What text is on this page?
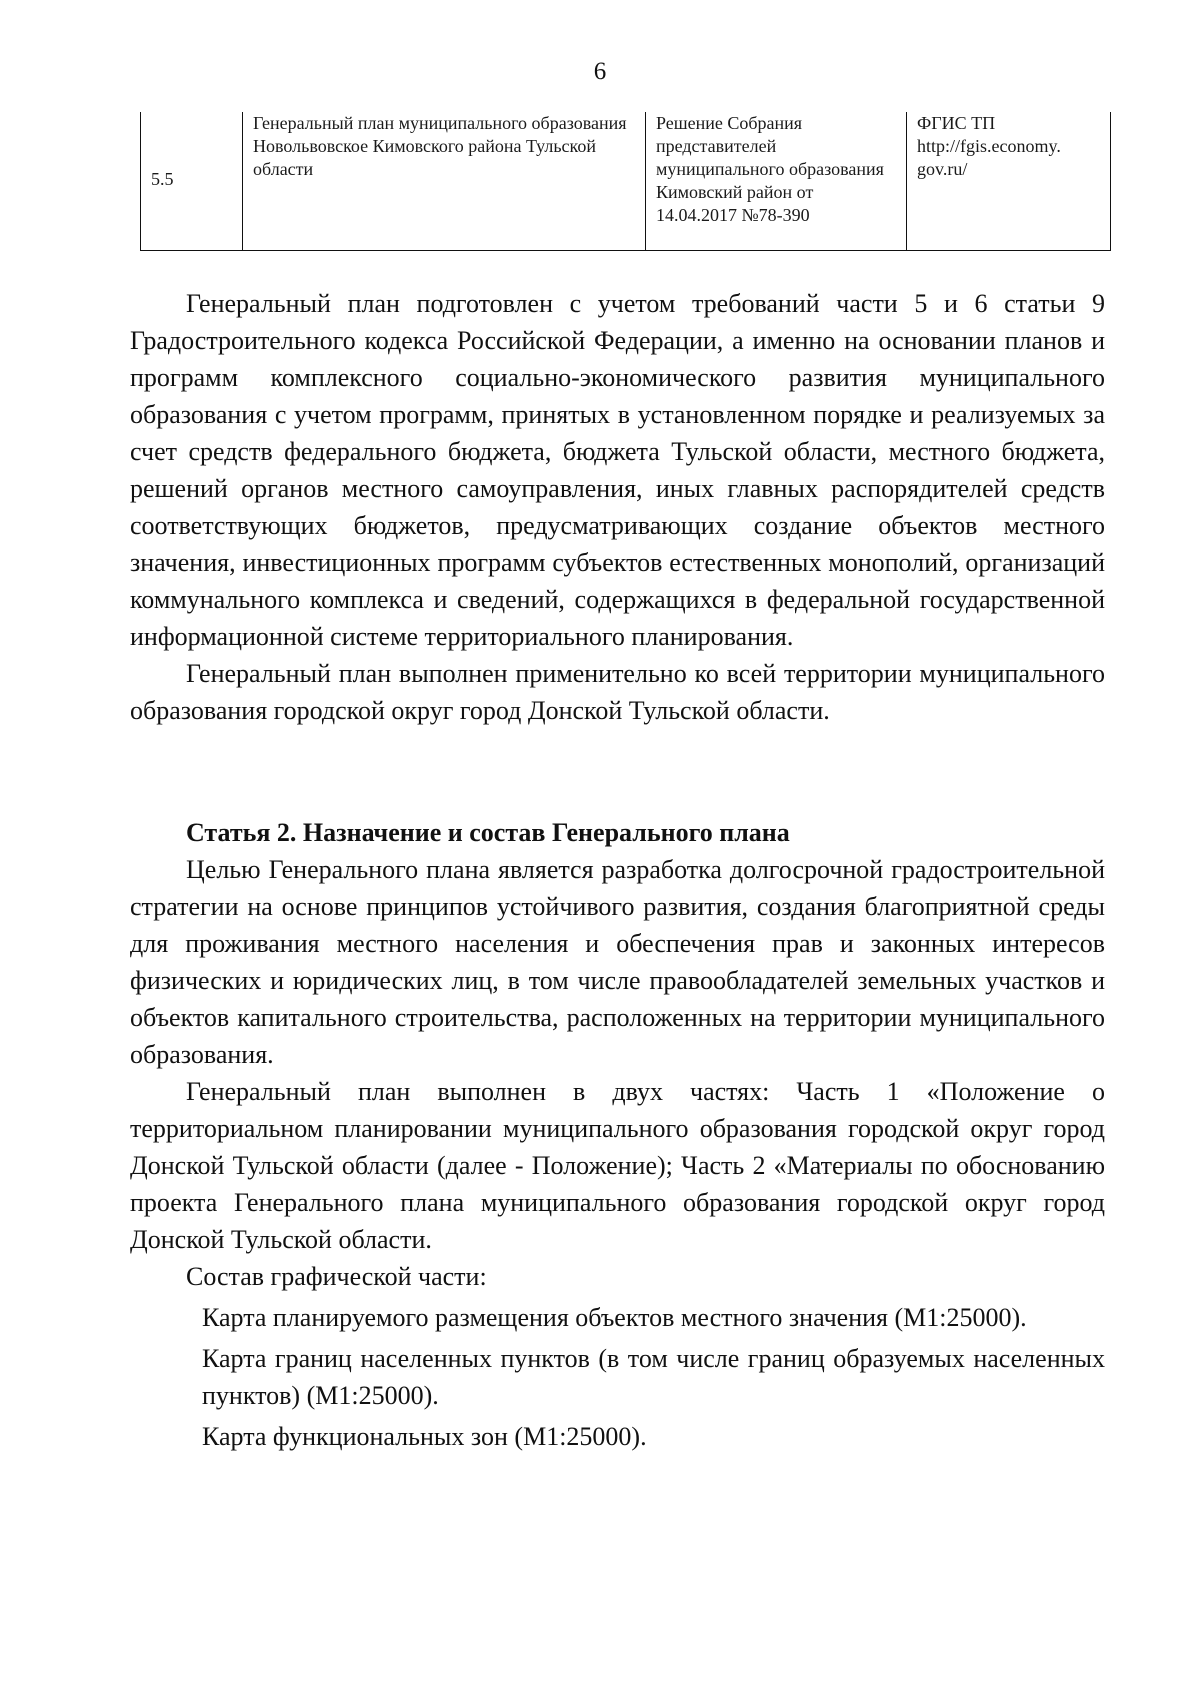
6
5.5	Генеральный план муниципального образования Новольвовское Кимовского района Тульской области	Решение Собрания представителей муниципального образования Кимовский район от 14.04.2017 №78-390	ФГИС ТП http://fgis.economy. gov.ru/

Генеральный план подготовлен с учетом требований части 5 и 6 статьи 9 Градостроительного кодекса Российской Федерации, а именно на основании планов и программ комплексного социально-экономического развития муниципального образования с учетом программ, принятых в установленном порядке и реализуемых за счет средств федерального бюджета, бюджета Тульской области, местного бюджета, решений органов местного самоуправления, иных главных распорядителей средств соответствующих бюджетов, предусматривающих создание объектов местного значения, инвестиционных программ субъектов естественных монополий, организаций коммунального комплекса и сведений, содержащихся в федеральной государственной информационной системе территориального планирования.

Генеральный план выполнен применительно ко всей территории муниципального образования городской округ город Донской Тульской области.

Статья 2. Назначение и состав Генерального плана

Целью Генерального плана является разработка долгосрочной градостроительной стратегии на основе принципов устойчивого развития, создания благоприятной среды для проживания местного населения и обеспечения прав и законных интересов физических и юридических лиц, в том числе правообладателей земельных участков и объектов капитального строительства, расположенных на территории муниципального образования.

Генеральный план выполнен в двух частях: Часть 1 «Положение о территориальном планировании муниципального образования городской округ город Донской Тульской области (далее - Положение); Часть 2 «Материалы по обоснованию проекта Генерального плана муниципального образования городской округ город Донской Тульской области.

Состав графической части:

Карта планируемого размещения объектов местного значения (М1:25000).

Карта границ населенных пунктов (в том числе границ образуемых населенных пунктов) (М1:25000).

Карта функциональных зон (М1:25000).
